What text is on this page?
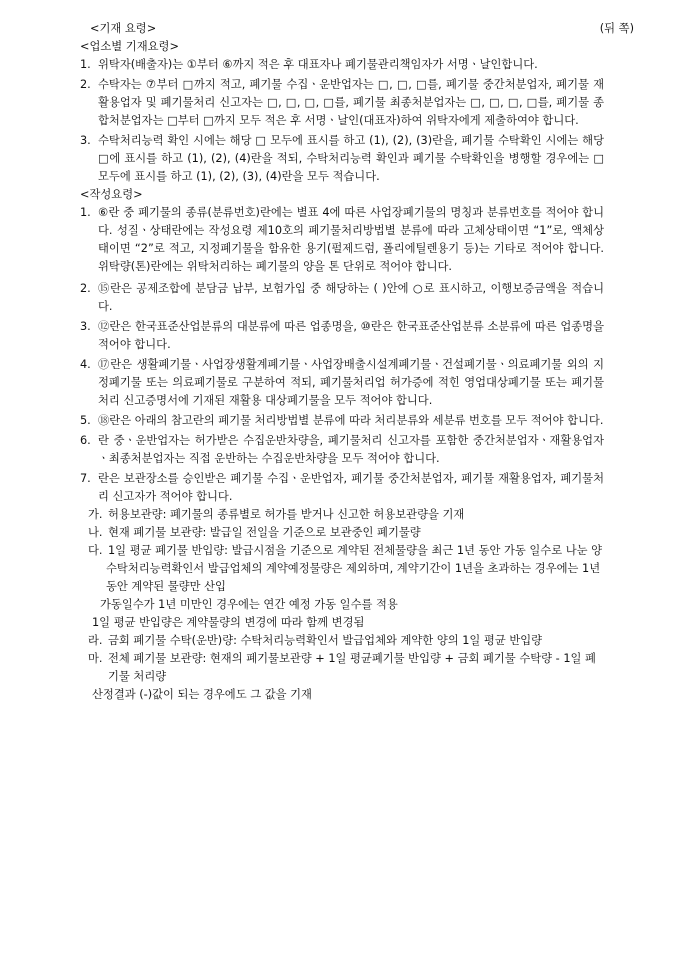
<기재 요령>	(뒤 쪽)
<업소별 기재요령>
1. 위탁자(배출자)는 ①부터 ⑥까지 적은 후 대표자나 폐기물관리책임자가 서명ㆍ날인합니다.
2. 수탁자는 ⑦부터 □까지 적고, 폐기물 수집ㆍ운반업자는 □, □, □를, 폐기물 중간처분업자, 폐기물 재활용업자 및 폐기물처리 신고자는 □, □, □, □를, 폐기물 최종처분업자는 □, □, □, □를, 폐기물 종합처분업자는 □부터 □까지 모두 적은 후 서명ㆍ날인(대표자)하여 위탁자에게 제출하여야 합니다.
3. 수탁처리능력 확인 시에는 해당 □ 모두에 표시를 하고 (1), (2), (3)란을, 폐기물 수탁확인 시에는 해당 □에 표시를 하고 (1), (2), (4)란을 적되, 수탁처리능력 확인과 폐기물 수탁확인을 병행할 경우에는 □ 모두에 표시를 하고 (1), (2), (3), (4)란을 모두 적습니다.
<작성요령>
1. ⑥란 중 폐기물의 종류(분류번호)란에는 별표 4에 따른 사업장폐기물의 명칭과 분류번호를 적어야 합니다. 성질ㆍ상태란에는 작성요령 제10호의 폐기물처리방법별 분류에 따라 고체상태이면 “1”로, 액체상태이면 “2”로 적고, 지정폐기물을 함유한 용기(펄제드럼, 폴리에틸렌용기 등)는 기타로 적어야 합니다. 위탁량(톤)란에는 위탁처리하는 폐기물의 양을 톤 단위로 적어야 합니다.
2. ⑮란은 공제조합에 분담금 납부, 보험가입 중 해당하는 ( )안에 ○로 표시하고, 이행보증금액을 적습니다.
3. ⑫란은 한국표준산업분류의 대분류에 따른 업종명을, ⑩란은 한국표준산업분류 소분류에 따른 업종명을 적어야 합니다.
4. ⑰란은 생활폐기물ㆍ사업장생활계폐기물ㆍ사업장배출시설계폐기물ㆍ건설폐기물ㆍ의료폐기물 외의 지정폐기물 또는 의료폐기물로 구분하여 적되, 폐기물처리업 허가증에 적힌 영업대상폐기물 또는 폐기물처리 신고증명서에 기재된 재활용 대상폐기물을 모두 적어야 합니다.
5. ⑱란은 아래의 참고란의 폐기물 처리방법별 분류에 따라 처리분류와 세분류 번호를 모두 적어야 합니다.
6. 란 중ㆍ운반업자는 허가받은 수집운반차량을, 폐기물처리 신고자를 포함한 중간처분업자ㆍ재활용업자ㆍ최종처분업자는 직접 운반하는 수집운반차량을 모두 적어야 합니다.
7. 란은 보관장소를 승인받은 폐기물 수집ㆍ운반업자, 폐기물 중간처분업자, 폐기물 재활용업자, 폐기물처리 신고자가 적어야 합니다.
가. 허용보관량: 폐기물의 종류별로 허가를 받거나 신고한 허용보관량을 기재
나. 현재 폐기물 보관량: 발급일 전일을 기준으로 보관중인 폐기물량
다. 1일 평균 폐기물 반입량: 발급시점을 기준으로 계약된 전체물량을 최근 1년 동안 가동 일수로 나눈 양
수탁처리능력확인서 발급업체의 계약예정물량은 제외하며, 계약기간이 1년을 초과하는 경우에는 1년 동안 계약된 물량만 산입
가동일수가 1년 미만인 경우에는 연간 예정 가동 일수를 적용
1일 평균 반입량은 계약물량의 변경에 따라 함께 변경됨
라. 금회 폐기물 수탁(운반)량: 수탁처리능력확인서 발급업체와 계약한 양의 1일 평균 반입량
마. 전체 폐기물 보관량: 현재의 폐기물보관량 + 1일 평균폐기물 반입량 + 금회 폐기물 수탁량 - 1일 폐기물 처리량
산정결과 (-)값이 되는 경우에도 그 값을 기재
